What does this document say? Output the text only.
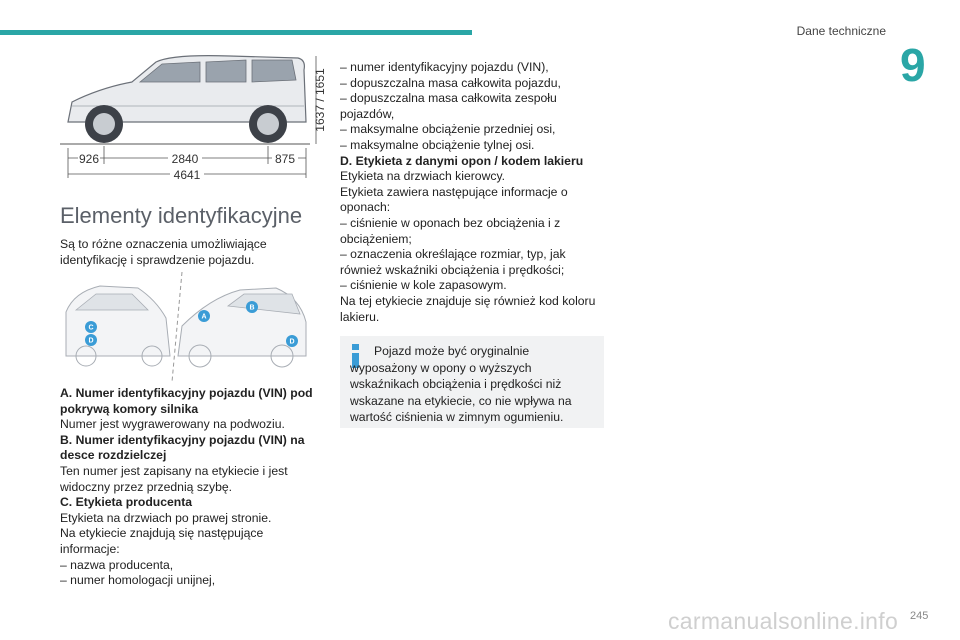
Dane techniczne
9
926	2840	875
4641
1637 / 1651
Elementy identyfikacyjne
Są to różne oznaczenia umożliwiające identyfikację i sprawdzenie pojazdu.
C
D
A
B
D

A. Numer identyfikacyjny pojazdu (VIN) pod pokrywą komory silnika

Numer jest wygrawerowany na podwoziu.

B. Numer identyfikacyjny pojazdu (VIN) na desce rozdzielczej

Ten numer jest zapisany na etykiecie i jest widoczny przez przednią szybę.

C. Etykieta producenta

Etykieta na drzwiach po prawej stronie.

Na etykiecie znajdują się następujące informacje:

– nazwa producenta,

– numer homologacji unijnej,

– numer identyfikacyjny pojazdu (VIN),

– dopuszczalna masa całkowita pojazdu,

– dopuszczalna masa całkowita zespołu pojazdów,

– maksymalne obciążenie przedniej osi,

– maksymalne obciążenie tylnej osi.

D. Etykieta z danymi opon / kodem lakieru

Etykieta na drzwiach kierowcy.

Etykieta zawiera następujące informacje o oponach:

– ciśnienie w oponach bez obciążenia i z obciążeniem;

– oznaczenia określające rozmiar, typ, jak również wskaźniki obciążenia i prędkości;

– ciśnienie w kole zapasowym.

Na tej etykiecie znajduje się również kod koloru lakieru.

Pojazd może być oryginalnie wyposażony w opony o wyższych wskaźnikach obciążenia i prędkości niż wskazane na etykiecie, co nie wpływa na wartość ciśnienia w zimnym ogumieniu.
carmanualsonline.info 245
